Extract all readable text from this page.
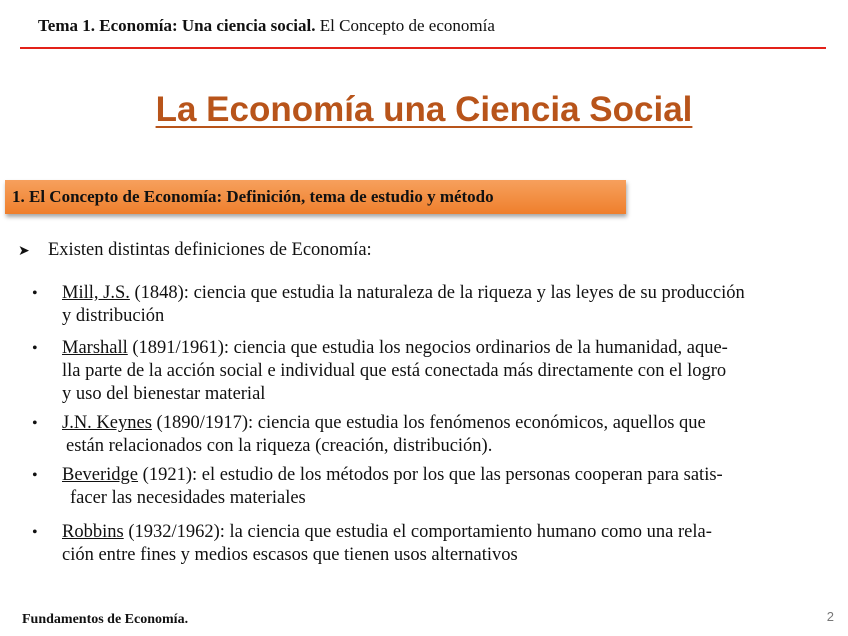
Tema 1. Economía: Una ciencia social. El Concepto de economía
La Economía una Ciencia Social
1. El Concepto de Economía: Definición, tema de estudio y método
➤ Existen distintas definiciones de Economía:
• Mill, J.S. (1848): ciencia que estudia la naturaleza de la riqueza y las leyes de su producción
y distribución
• Marshall (1891/1961): ciencia que estudia los negocios ordinarios de la humanidad, aque-
lla parte de la acción social e individual que está conectada más directamente con el logro
y uso del bienestar material
• J.N. Keynes (1890/1917): ciencia que estudia los fenómenos económicos, aquellos que
están relacionados con la riqueza (creación, distribución).
• Beveridge (1921): el estudio de los métodos por los que las personas cooperan para satis-
facer las necesidades materiales
• Robbins (1932/1962): la ciencia que estudia el comportamiento humano como una rela-
ción entre fines y medios escasos que tienen usos alternativos
Fundamentos de Economía.	2
